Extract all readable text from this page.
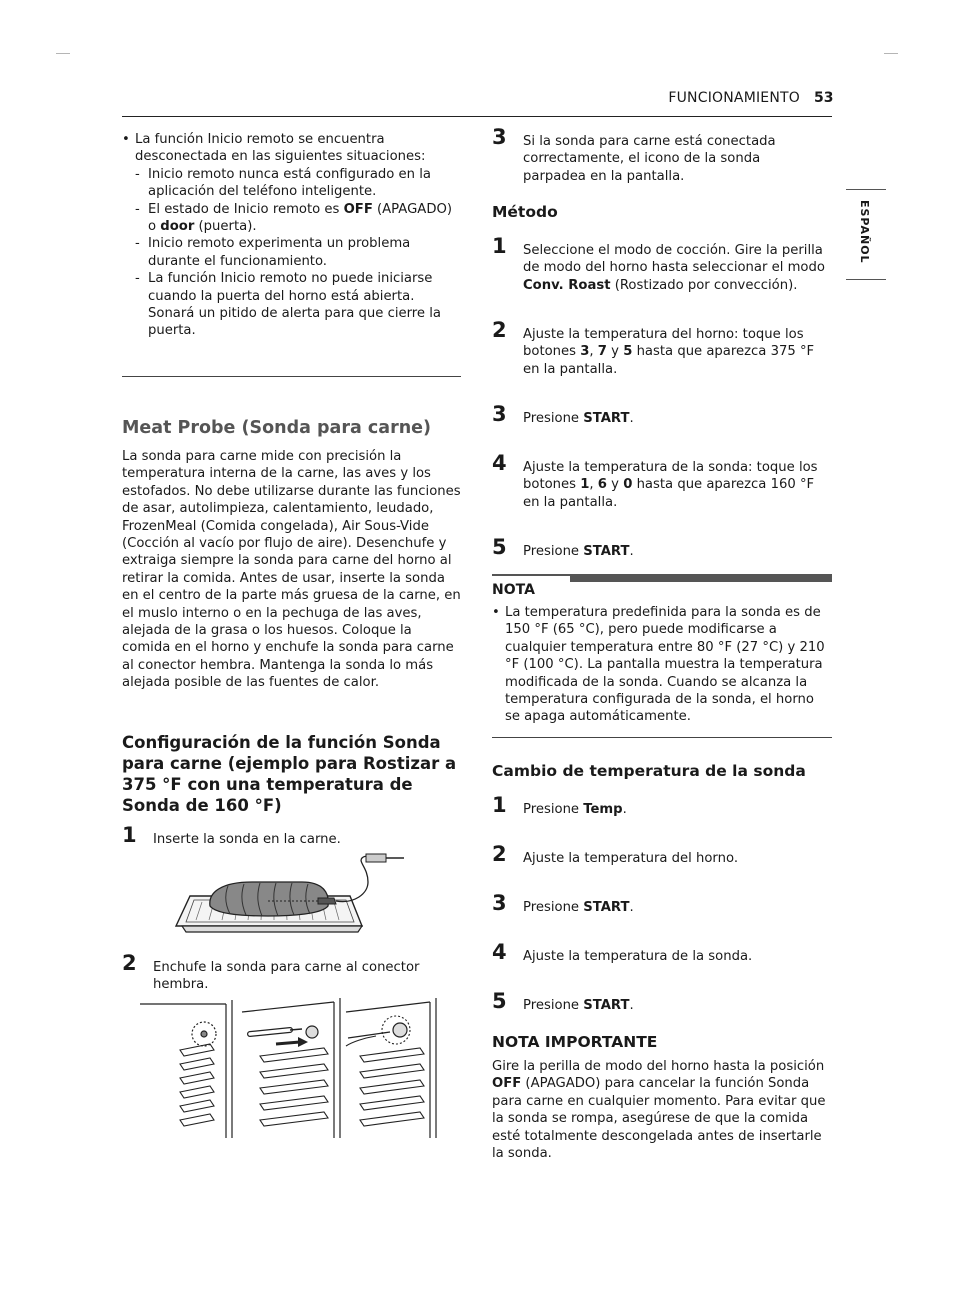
FUNCIONAMIENTO 53
ESPAÑOL

• La función Inicio remoto se encuentra desconectada en las siguientes situaciones:

- Inicio remoto nunca está configurado en la aplicación del teléfono inteligente.

- El estado de Inicio remoto es OFF (APAGADO) o door (puerta).

- Inicio remoto experimenta un problema durante el funcionamiento.

- La función Inicio remoto no puede iniciarse cuando la puerta del horno está abierta. Sonará un pitido de alerta para que cierre la puerta.

Meat Probe (Sonda para carne)
La sonda para carne mide con precisión la temperatura interna de la carne, las aves y los estofados. No debe utilizarse durante las funciones de asar, autolimpieza, calentamiento, leudado, FrozenMeal (Comida congelada), Air Sous-Vide (Cocción al vacío por flujo de aire). Desenchufe y extraiga siempre la sonda para carne del horno al retirar la comida. Antes de usar, inserte la sonda en el centro de la parte más gruesa de la carne, en el muslo interno o en la pechuga de las aves, alejada de la grasa o los huesos. Coloque la comida en el horno y enchufe la sonda para carne al conector hembra. Mantenga la sonda lo más alejada posible de las fuentes de calor.
Configuración de la función Sonda para carne (ejemplo para Rostizar a 375 °F con una temperatura de Sonda de 160 °F)
1 Inserte la sonda en la carne.
2 Enchufe la sonda para carne al conector hembra.
3 Si la sonda para carne está conectada correctamente, el icono de la sonda parpadea en la pantalla.
Método
1 Seleccione el modo de cocción. Gire la perilla de modo del horno hasta seleccionar el modo Conv. Roast (Rostizado por convección).
2 Ajuste la temperatura del horno: toque los botones 3, 7 y 5 hasta que aparezca 375 °F en la pantalla.
3 Presione START.
4 Ajuste la temperatura de la sonda: toque los botones 1, 6 y 0 hasta que aparezca 160 °F en la pantalla.
5 Presione START.
NOTA
• La temperatura predefinida para la sonda es de 150 °F (65 °C), pero puede modificarse a cualquier temperatura entre 80 °F (27 °C) y 210 °F (100 °C). La pantalla muestra la temperatura modificada de la sonda. Cuando se alcanza la temperatura configurada de la sonda, el horno se apaga automáticamente.
Cambio de temperatura de la sonda
1 Presione Temp.
2 Ajuste la temperatura del horno.
3 Presione START.
4 Ajuste la temperatura de la sonda.
5 Presione START.
NOTA IMPORTANTE
Gire la perilla de modo del horno hasta la posición OFF (APAGADO) para cancelar la función Sonda para carne en cualquier momento. Para evitar que la sonda se rompa, asegúrese de que la comida esté totalmente descongelada antes de insertarle la sonda.
